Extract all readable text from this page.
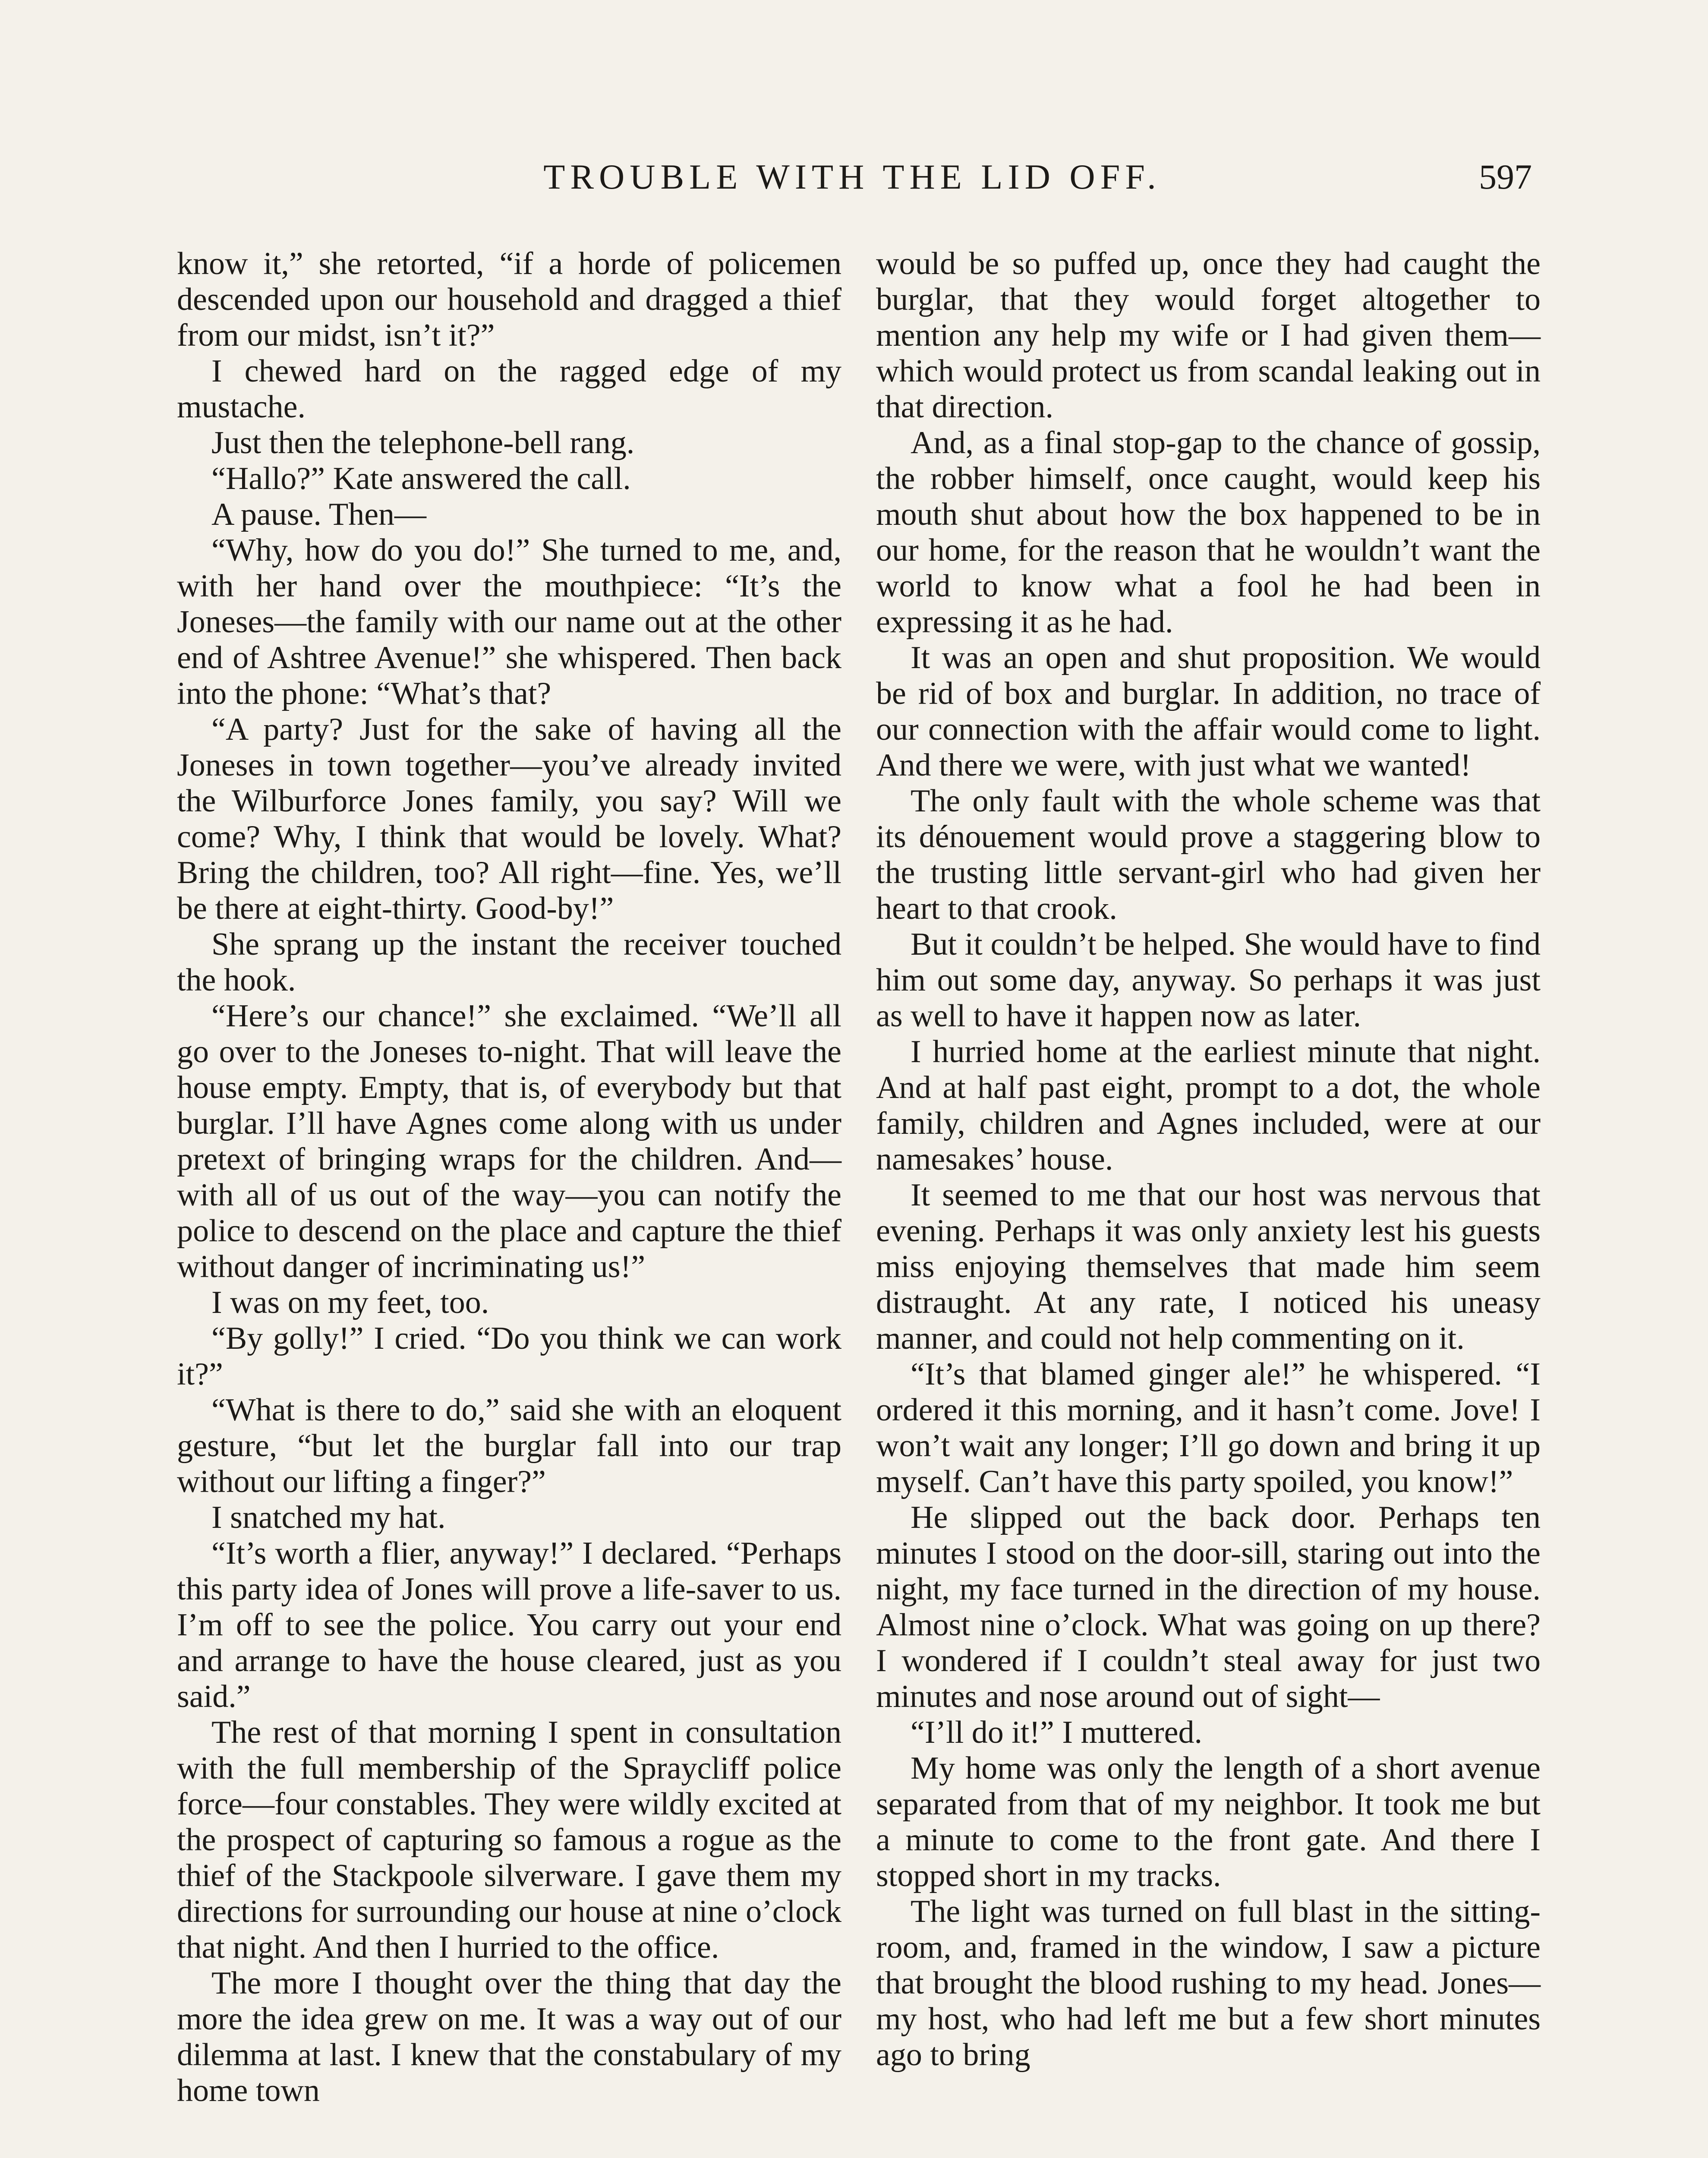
TROUBLE WITH THE LID OFF.	597

know it,” she retorted, “if a horde of policemen descended upon our household and dragged a thief from our midst, isn’t it?”

I chewed hard on the ragged edge of my mustache.

Just then the telephone-bell rang.

“Hallo?” Kate answered the call.

A pause. Then—

“Why, how do you do!” She turned to me, and, with her hand over the mouthpiece: “It’s the Joneses—the family with our name out at the other end of Ashtree Avenue!” she whispered. Then back into the phone: “What’s that?

“A party? Just for the sake of having all the Joneses in town together—you’ve already invited the Wilburforce Jones family, you say? Will we come? Why, I think that would be lovely. What? Bring the children, too? All right—fine. Yes, we’ll be there at eight-thirty. Good-by!”

She sprang up the instant the receiver touched the hook.

“Here’s our chance!” she exclaimed. “We’ll all go over to the Joneses to-night. That will leave the house empty. Empty, that is, of everybody but that burglar. I’ll have Agnes come along with us under pretext of bringing wraps for the children. And—with all of us out of the way—you can notify the police to descend on the place and capture the thief without danger of incriminating us!”

I was on my feet, too.

“By golly!” I cried. “Do you think we can work it?”

“What is there to do,” said she with an eloquent gesture, “but let the burglar fall into our trap without our lifting a finger?”

I snatched my hat.

“It’s worth a flier, anyway!” I declared. “Perhaps this party idea of Jones will prove a life-saver to us. I’m off to see the police. You carry out your end and arrange to have the house cleared, just as you said.”

The rest of that morning I spent in consultation with the full membership of the Spraycliff police force—four constables. They were wildly excited at the prospect of capturing so famous a rogue as the thief of the Stackpoole silverware. I gave them my directions for surrounding our house at nine o’clock that night. And then I hurried to the office.

The more I thought over the thing that day the more the idea grew on me. It was a way out of our dilemma at last. I knew that the constabulary of my home town

would be so puffed up, once they had caught the burglar, that they would forget altogether to mention any help my wife or I had given them—which would protect us from scandal leaking out in that direction.

And, as a final stop-gap to the chance of gossip, the robber himself, once caught, would keep his mouth shut about how the box happened to be in our home, for the reason that he wouldn’t want the world to know what a fool he had been in expressing it as he had.

It was an open and shut proposition. We would be rid of box and burglar. In addition, no trace of our connection with the affair would come to light. And there we were, with just what we wanted!

The only fault with the whole scheme was that its dénouement would prove a staggering blow to the trusting little servant-girl who had given her heart to that crook.

But it couldn’t be helped. She would have to find him out some day, anyway. So perhaps it was just as well to have it happen now as later.

I hurried home at the earliest minute that night. And at half past eight, prompt to a dot, the whole family, children and Agnes included, were at our namesakes’ house.

It seemed to me that our host was nervous that evening. Perhaps it was only anxiety lest his guests miss enjoying themselves that made him seem distraught. At any rate, I noticed his uneasy manner, and could not help commenting on it.

“It’s that blamed ginger ale!” he whispered. “I ordered it this morning, and it hasn’t come. Jove! I won’t wait any longer; I’ll go down and bring it up myself. Can’t have this party spoiled, you know!”

He slipped out the back door. Perhaps ten minutes I stood on the door-sill, staring out into the night, my face turned in the direction of my house. Almost nine o’clock. What was going on up there? I wondered if I couldn’t steal away for just two minutes and nose around out of sight—

“I’ll do it!” I muttered.

My home was only the length of a short avenue separated from that of my neighbor. It took me but a minute to come to the front gate. And there I stopped short in my tracks.

The light was turned on full blast in the sitting-room, and, framed in the window, I saw a picture that brought the blood rushing to my head. Jones—my host, who had left me but a few short minutes ago to bring
